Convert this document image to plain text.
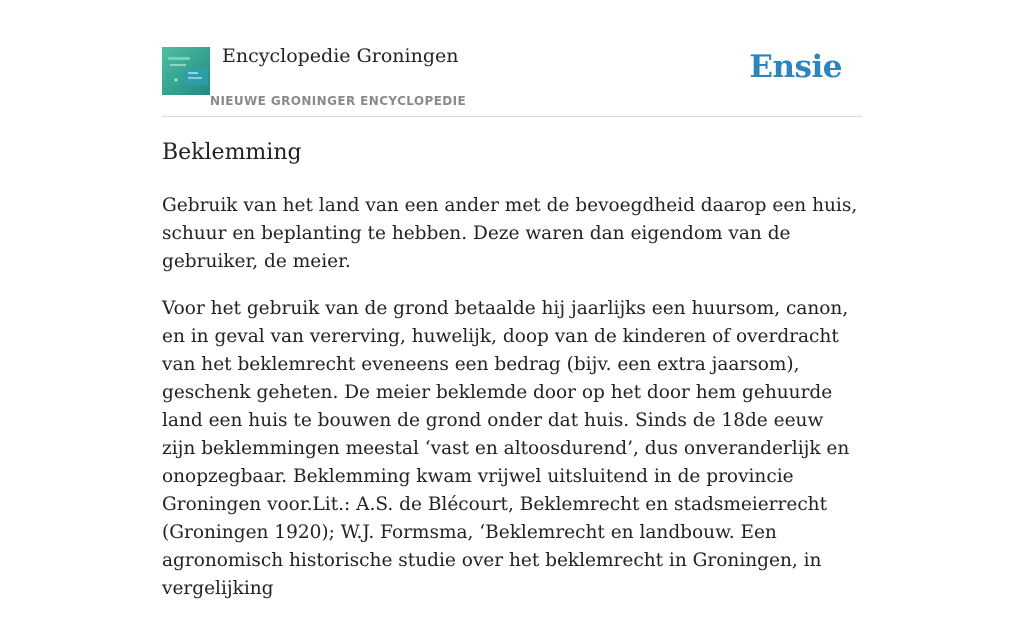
Encyclopedie Groningen
NIEUWE GRONINGER ENCYCLOPEDIE
Ensie
Beklemming

Gebruik van het land van een ander met de bevoegdheid daarop een huis, schuur en beplanting te hebben. Deze waren dan eigendom van de gebruiker, de meier.

Voor het gebruik van de grond betaalde hij jaarlijks een huursom, canon, en in geval van vererving, huwelijk, doop van de kinderen of overdracht van het beklemrecht eveneens een bedrag (bijv. een extra jaarsom), geschenk geheten. De meier beklemde door op het door hem gehuurde land een huis te bouwen de grond onder dat huis. Sinds de 18de eeuw zijn beklemmingen meestal ‘vast en altoosdurend’, dus onveranderlijk en onopzegbaar. Beklemming kwam vrijwel uitsluitend in de provincie Groningen voor.Lit.: A.S. de Blécourt, Beklemrecht en stadsmeierrecht (Groningen 1920); W.J. Formsma, ‘Beklemrecht en landbouw. Een agronomisch historische studie over het beklemrecht in Groningen, in vergelijking
